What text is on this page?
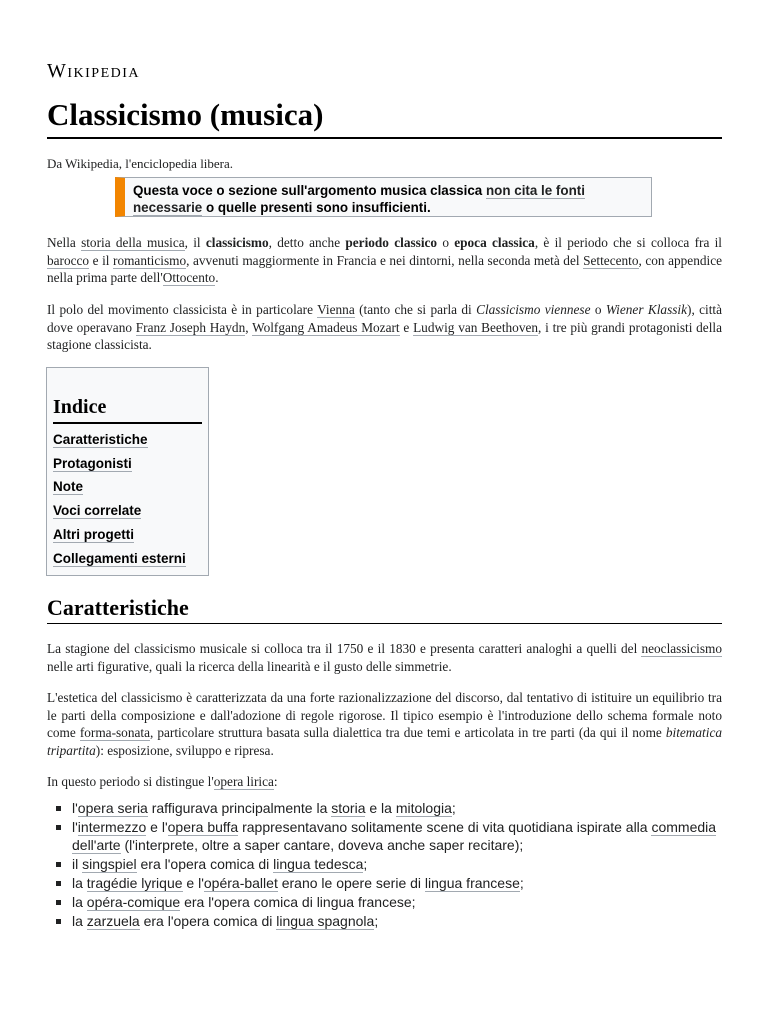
Wikipedia
Classicismo (musica)
Da Wikipedia, l'enciclopedia libera.
Questa voce o sezione sull'argomento musica classica non cita le fonti necessarie o quelle presenti sono insufficienti.
Nella storia della musica, il classicismo, detto anche periodo classico o epoca classica, è il periodo che si colloca fra il barocco e il romanticismo, avvenuti maggiormente in Francia e nei dintorni, nella seconda metà del Settecento, con appendice nella prima parte dell'Ottocento.
Il polo del movimento classicista è in particolare Vienna (tanto che si parla di Classicismo viennese o Wiener Klassik), città dove operavano Franz Joseph Haydn, Wolfgang Amadeus Mozart e Ludwig van Beethoven, i tre più grandi protagonisti della stagione classicista.
Indice
Caratteristiche
Protagonisti
Note
Voci correlate
Altri progetti
Collegamenti esterni
Caratteristiche
La stagione del classicismo musicale si colloca tra il 1750 e il 1830 e presenta caratteri analoghi a quelli del neoclassicismo nelle arti figurative, quali la ricerca della linearità e il gusto delle simmetrie.
L'estetica del classicismo è caratterizzata da una forte razionalizzazione del discorso, dal tentativo di istituire un equilibrio tra le parti della composizione e dall'adozione di regole rigorose. Il tipico esempio è l'introduzione dello schema formale noto come forma-sonata, particolare struttura basata sulla dialettica tra due temi e articolata in tre parti (da qui il nome bitematica tripartita): esposizione, sviluppo e ripresa.
In questo periodo si distingue l'opera lirica:
l'opera seria raffigurava principalmente la storia e la mitologia;
l'intermezzo e l'opera buffa rappresentavano solitamente scene di vita quotidiana ispirate alla commedia dell'arte (l'interprete, oltre a saper cantare, doveva anche saper recitare);
il singspiel era l'opera comica di lingua tedesca;
la tragédie lyrique e l'opéra-ballet erano le opere serie di lingua francese;
la opéra-comique era l'opera comica di lingua francese;
la zarzuela era l'opera comica di lingua spagnola;
